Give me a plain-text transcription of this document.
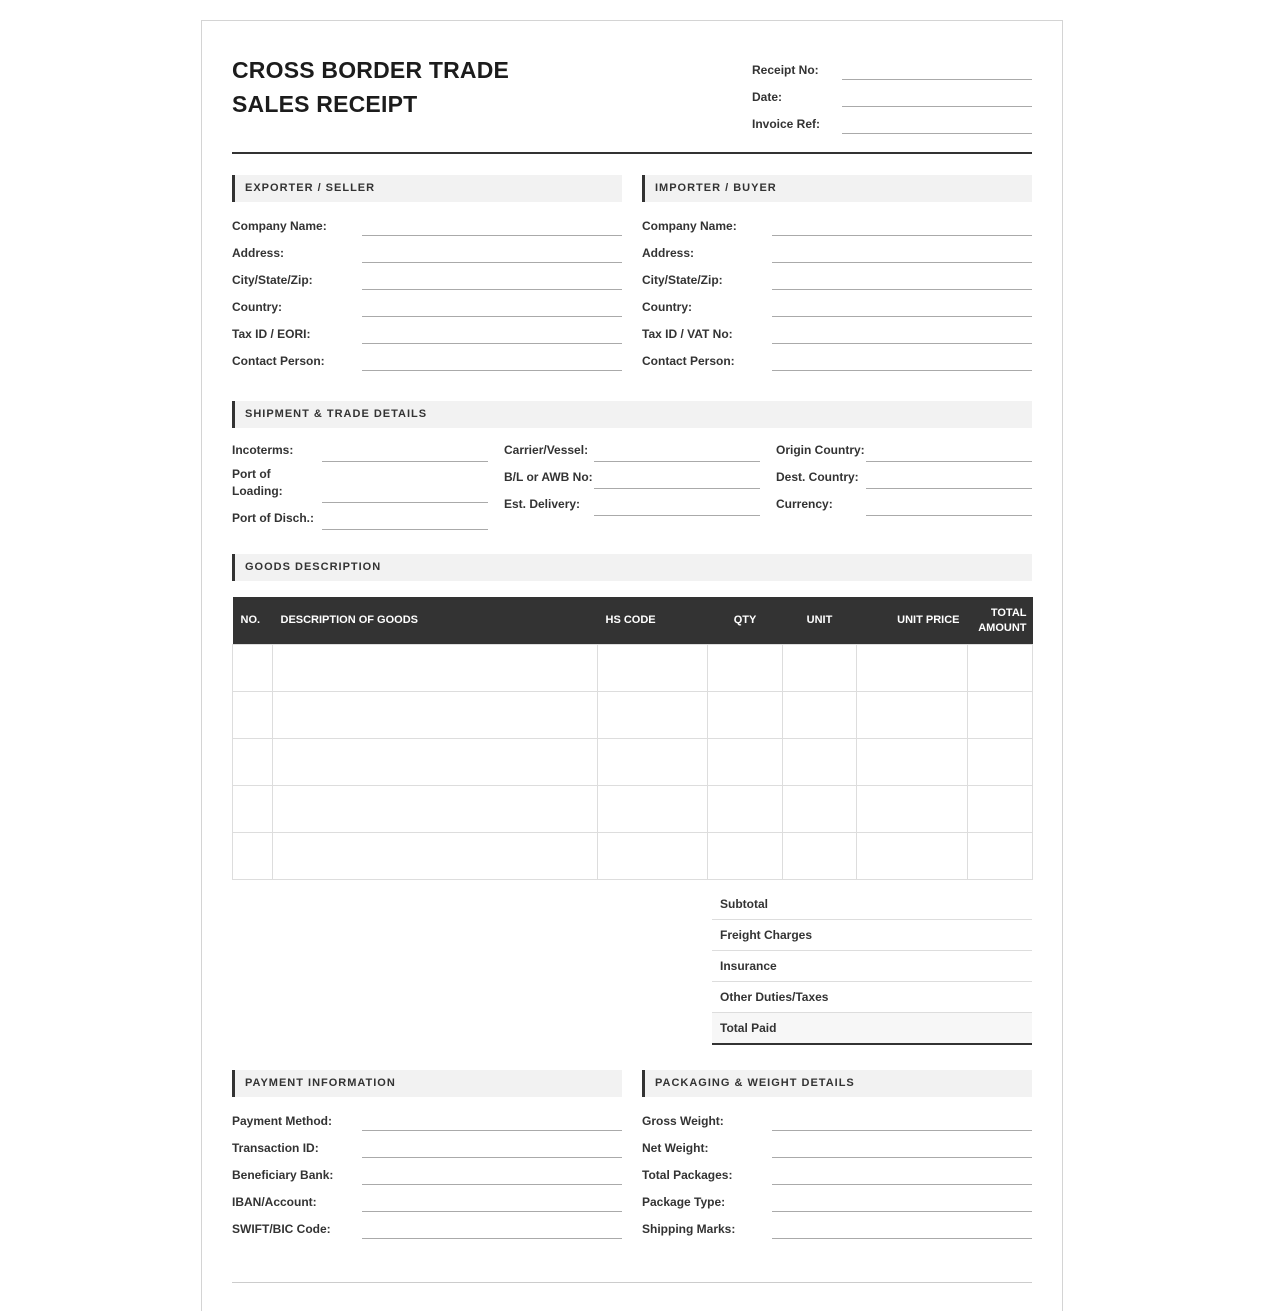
CROSS BORDER TRADE
SALES RECEIPT
Receipt No:
Date:
Invoice Ref:
EXPORTER / SELLER
Company Name:
Address:
City/State/Zip:
Country:
Tax ID / EORI:
Contact Person:
IMPORTER / BUYER
Company Name:
Address:
City/State/Zip:
Country:
Tax ID / VAT No:
Contact Person:
SHIPMENT & TRADE DETAILS
Incoterms:
Port of Loading:
Port of Disch.:
Carrier/Vessel:
B/L or AWB No:
Est. Delivery:
Origin Country:
Dest. Country:
Currency:
GOODS DESCRIPTION
NO.	DESCRIPTION OF GOODS	HS CODE	QTY	UNIT	UNIT PRICE	TOTAL AMOUNT

Subtotal
Freight Charges
Insurance
Other Duties/Taxes
Total Paid
PAYMENT INFORMATION
Payment Method:
Transaction ID:
Beneficiary Bank:
IBAN/Account:
SWIFT/BIC Code:
PACKAGING & WEIGHT DETAILS
Gross Weight:
Net Weight:
Total Packages:
Package Type:
Shipping Marks:
